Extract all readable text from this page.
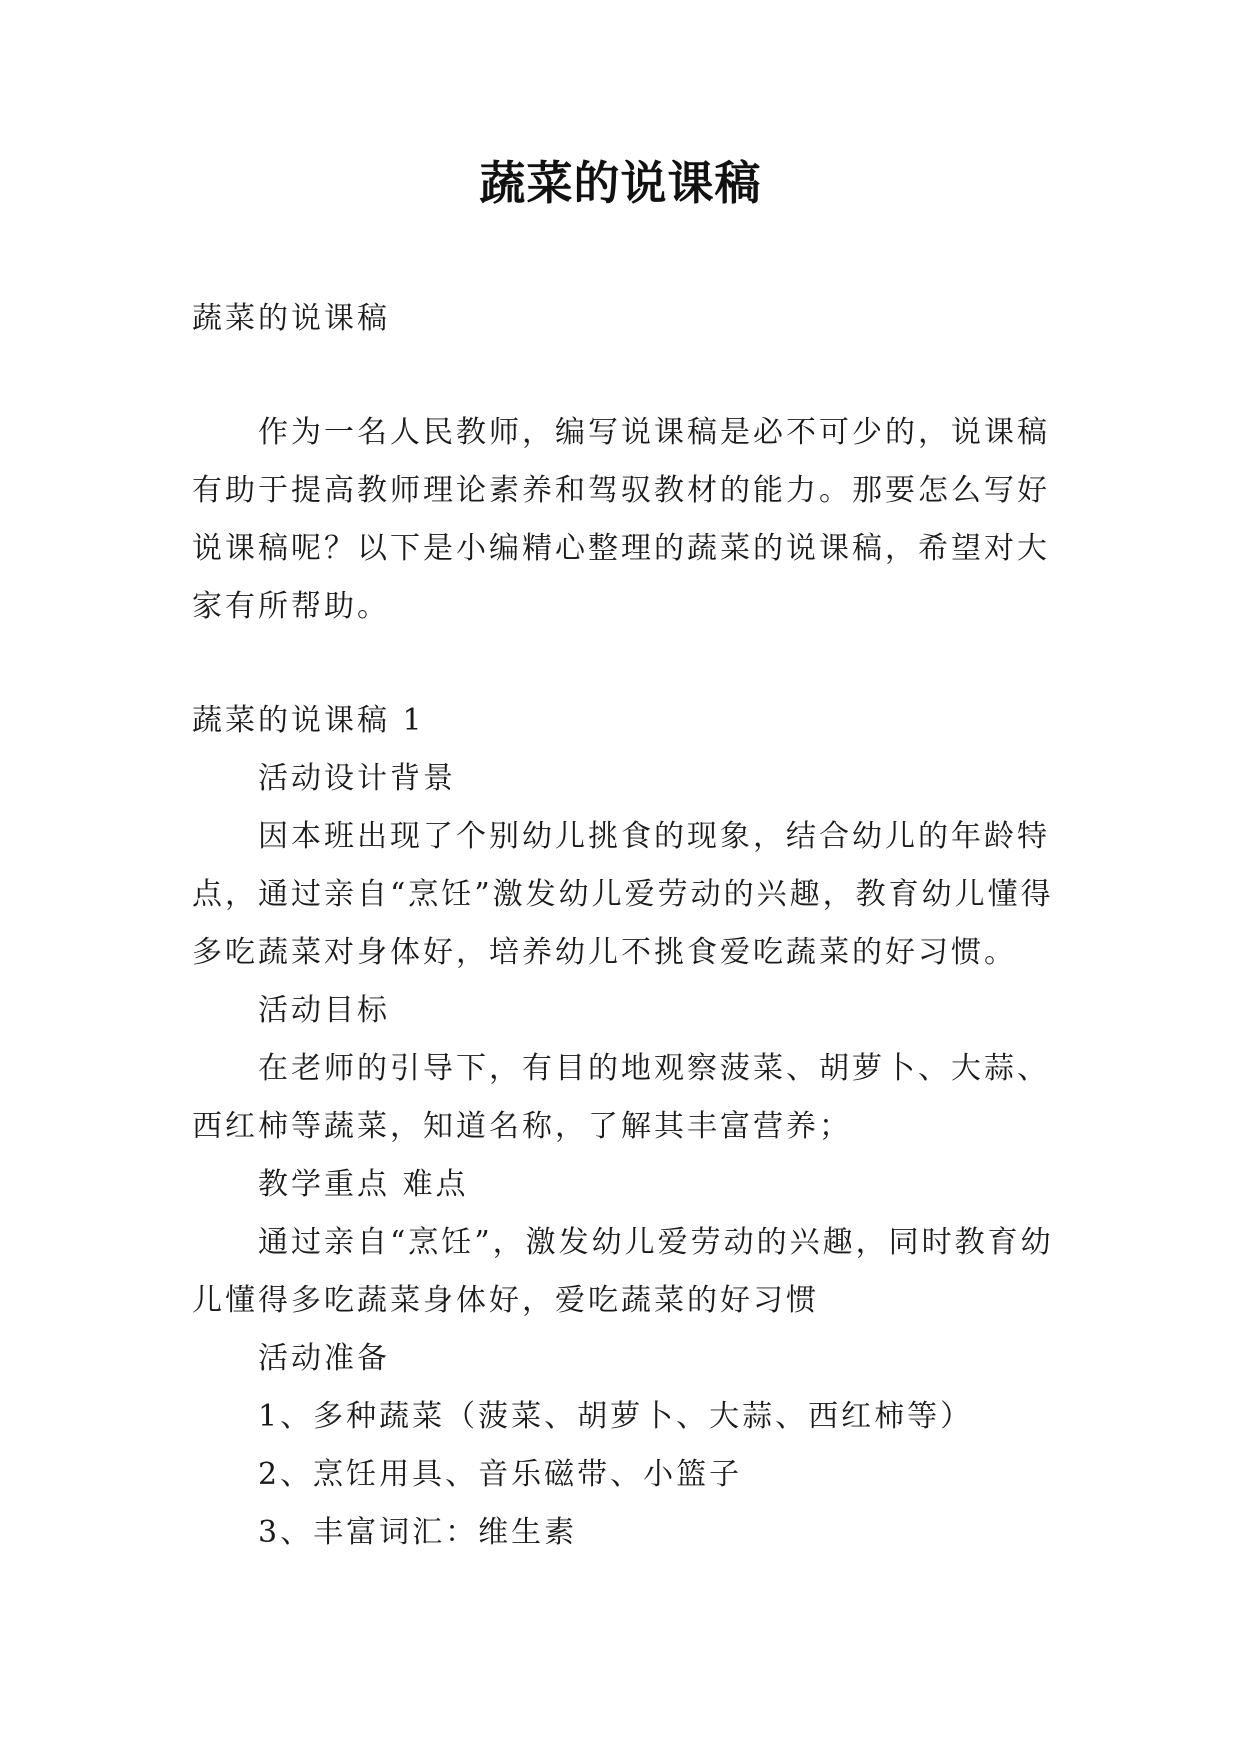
蔬菜的说课稿

蔬菜的说课稿

作为一名人民教师，编写说课稿是必不可少的，说课稿有助于提高教师理论素养和驾驭教材的能力。那要怎么写好说课稿呢？以下是小编精心整理的蔬菜的说课稿，希望对大家有所帮助。

蔬菜的说课稿 1

活动设计背景

因本班出现了个别幼儿挑食的现象，结合幼儿的年龄特点，通过亲自“烹饪”激发幼儿爱劳动的兴趣，教育幼儿懂得多吃蔬菜对身体好，培养幼儿不挑食爱吃蔬菜的好习惯。

活动目标

在老师的引导下，有目的地观察菠菜、胡萝卜、大蒜、西红柿等蔬菜，知道名称，了解其丰富营养；

教学重点 难点

通过亲自“烹饪”，激发幼儿爱劳动的兴趣，同时教育幼儿懂得多吃蔬菜身体好，爱吃蔬菜的好习惯

活动准备

1、多种蔬菜（菠菜、胡萝卜、大蒜、西红柿等）

2、烹饪用具、音乐磁带、小篮子

3、丰富词汇：维生素
